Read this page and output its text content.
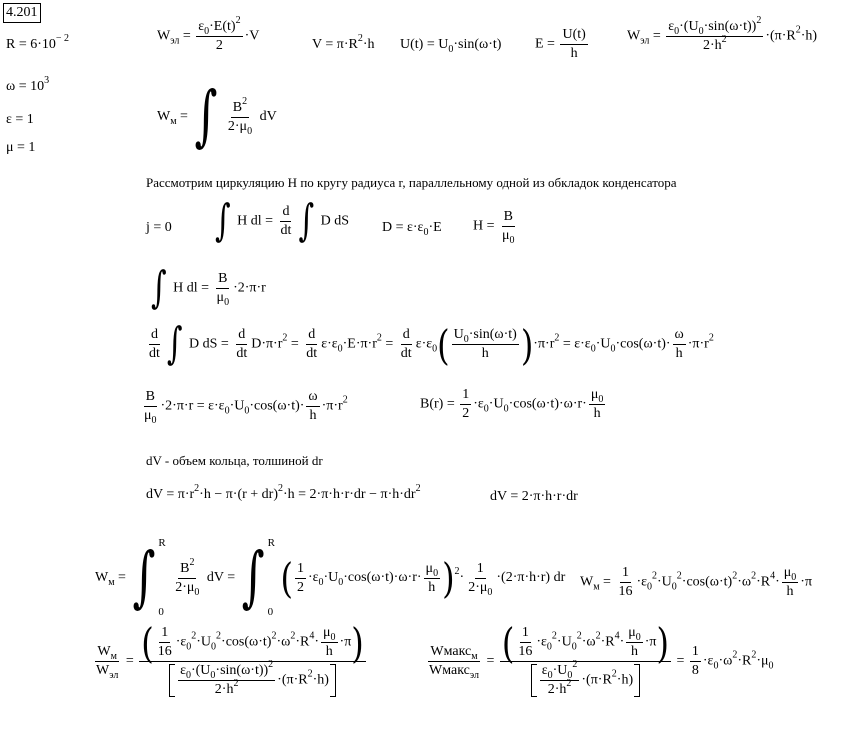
4.201
$R = 6\cdot 10^{- 2}$
$\omega = 10^3$
ε = 1
μ = 1
$W_{эл} = \frac{\varepsilon_0\cdot E(t)^2}{2} \cdot V$
$V = \pi\cdot R^2\cdot h$ $U(t) = U_0\cdot\sin(\omega\cdot t) E = \frac{U(t)}{h}$	$W_{эл} = \frac{\varepsilon_0\cdot(U_0\cdot\sin(\omega\cdot t))^2}{2\cdot h^2} \cdot(\pi\cdot R^2\cdot h)$
$W_м$ = ∫ $\frac{B^2}{2\cdot\mu_0}$ dV
Рассмотрим циркуляцию H по кругу радиуса r, параллельному одной из обкладок конденсатора
j = 0 ∫ H dl = $\frac{d}{dt}$ ∫ D dS $D = \varepsilon\cdot\varepsilon_0\cdot E$ $H = \frac{B}{\mu_0}$
∫ H dl = $\frac{B}{\mu_0} \cdot 2\cdot\pi\cdot r$
$\frac{d}{dt}$ ∫ D dS = $\frac{d}{dt} D\cdot\pi\cdot r^2 = \frac{d}{dt} \varepsilon\cdot\varepsilon_0\cdot E\cdot\pi\cdot r^2 = \frac{d}{dt} \varepsilon\cdot\varepsilon_0( \frac{U_0\cdot\sin(\omega\cdot t)}{h} )\cdot\pi\cdot r^2 = \varepsilon\cdot\varepsilon_0\cdot U_0\cdot\cos(\omega\cdot t)\cdot \frac{\omega}{h} \cdot\pi\cdot r^2$
$\frac{B}{\mu_0} \cdot 2\cdot\pi\cdot r = \varepsilon\cdot\varepsilon_0\cdot U_0\cdot\cos(\omega\cdot t)\cdot \frac{\omega}{h} \cdot\pi\cdot r^2$	$B(r) = \frac{1}{2} \cdot\varepsilon_0\cdot U_0\cdot\cos(\omega\cdot t)\cdot\omega\cdot r\cdot \frac{\mu_0}{h}$
dV - объем кольца, толшиной dr
dV = $\pi\cdot r^2\cdot h - \pi\cdot(r + dr)^2\cdot h = 2\cdot\pi\cdot h\cdot r\cdot dr - \pi\cdot h\cdot dr^2$
dV = 2·π·h·r·dr
$W_м$ = ∫ R
0

$\frac{B^2}{2\cdot\mu_0}$ dV = ∫ R
0
( $\frac{1}{2} \cdot\varepsilon_0\cdot U_0\cdot\cos(\omega\cdot t)\cdot\omega\cdot r\cdot \frac{\mu_0}{h} )^2\cdot \frac{1}{2\cdot\mu_0} \cdot(2\cdot\pi\cdot h\cdot r)$ dr $W_м = \frac{1}{16} \cdot\varepsilon_0^2\cdot U_0^2\cdot\cos(\omega\cdot t)^2\cdot\omega^2\cdot R^4\cdot \frac{\mu_0}{h} \cdot\pi$
$\frac{W_м}{W_{эл}} = \frac{( \frac{1}{16} \cdot\varepsilon_0^2\cdot U_0^2\cdot\cos(\omega\cdot t)^2\cdot\omega^2\cdot R^4\cdot \frac{\mu_0}{h} \cdot\pi)}{\frac{\varepsilon_0\cdot(U_0\cdot\sin(\omega\cdot t))^2}{2\cdot h^2} \cdot(\pi\cdot R^2\cdot h)}$	$\frac{Wмакс_м}{Wмакс_{эл}} = \frac{( \frac{1}{16} \cdot\varepsilon_0^2\cdot U_0^2\cdot\omega^2\cdot R^4\cdot \frac{\mu_0}{h} \cdot\pi)}{\frac{\varepsilon_0\cdot U_0^2}{2\cdot h^2} \cdot(\pi\cdot R^2\cdot h)} = \frac{1}{8} \cdot\varepsilon_0\cdot\omega^2\cdot R^2\cdot\mu_0$
